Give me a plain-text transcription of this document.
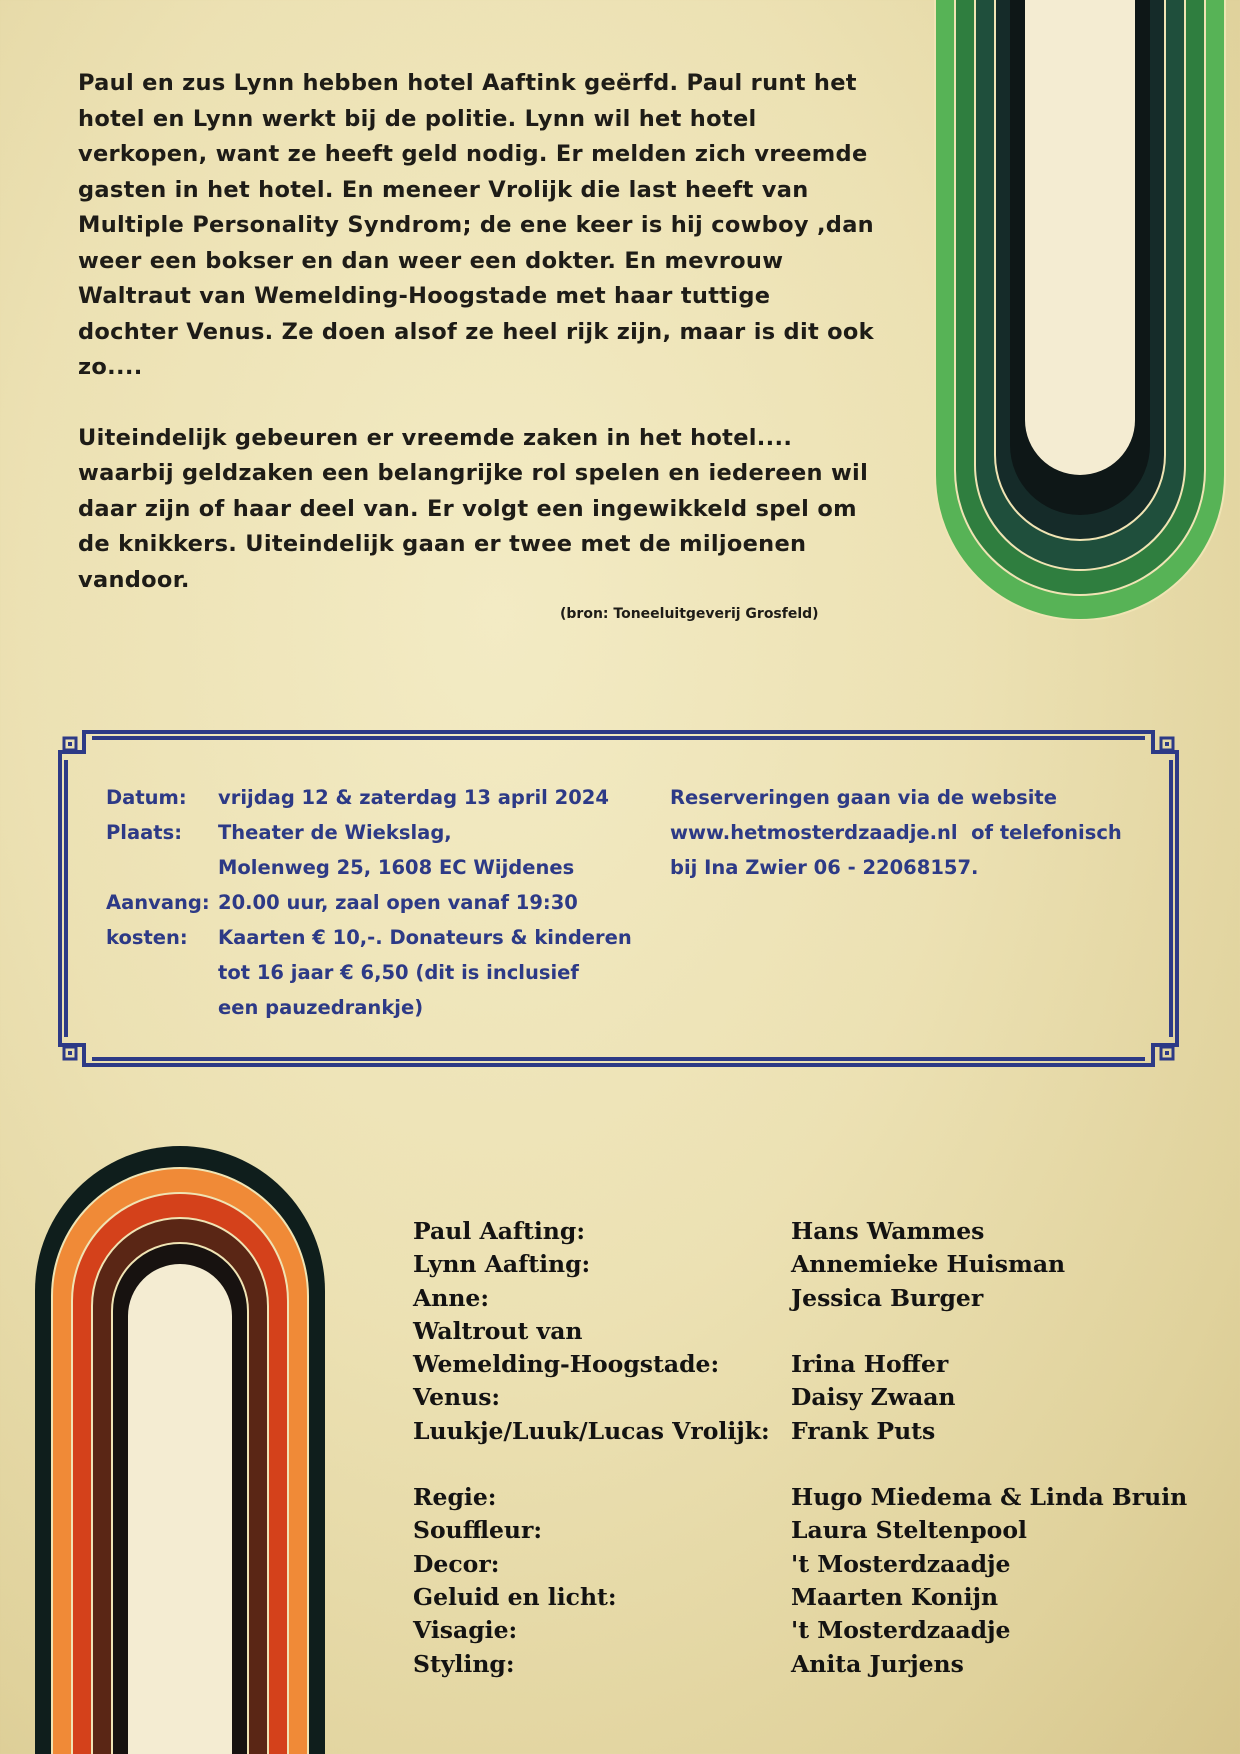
Paul en zus Lynn hebben hotel Aaftink geërfd. Paul runt het hotel en Lynn werkt bij de politie. Lynn wil het hotel verkopen, want ze heeft geld nodig. Er melden zich vreemde gasten in het hotel. En meneer Vrolijk die last heeft van Multiple Personality Syndrom; de ene keer is hij cowboy ,dan weer een bokser en dan weer een dokter. En mevrouw Waltraut van Wemelding-Hoogstade met haar tuttige dochter Venus. Ze doen alsof ze heel rijk zijn, maar is dit ook zo....

Uiteindelijk gebeuren er vreemde zaken in het hotel.... waarbij geldzaken een belangrijke rol spelen en iedereen wil daar zijn of haar deel van. Er volgt een ingewikkeld spel om de knikkers. Uiteindelijk gaan er twee met de miljoenen vandoor.

(bron: Toneeluitgeverij Grosfeld)
Datum:	vrijdag 12 & zaterdag 13 april 2024
Plaats:	Theater de Wiekslag,
Molenweg 25, 1608 EC Wijdenes
Aanvang: 20.00 uur, zaal open vanaf 19:30
kosten:	Kaarten € 10,-. Donateurs & kinderen
tot 16 jaar € 6,50 (dit is inclusief
een pauzedrankje)
Reserveringen gaan via de website
www.hetmosterdzaadje.nl  of telefonisch
bij Ina Zwier 06 - 22068157.
Paul Aafting:	Hans Wammes
Lynn Aafting:	Annemieke Huisman
Anne:	Jessica Burger
Waltrout van
Wemelding-Hoogstade:	Irina Hoffer
Venus:	Daisy Zwaan
Luukje/Luuk/Lucas Vrolijk: Frank Puts
Regie:	Hugo Miedema & Linda Bruin
Souffleur:	Laura Steltenpool
Decor:	't Mosterdzaadje
Geluid en licht:	Maarten Konijn
Visagie:	't Mosterdzaadje
Styling:	Anita Jurjens
